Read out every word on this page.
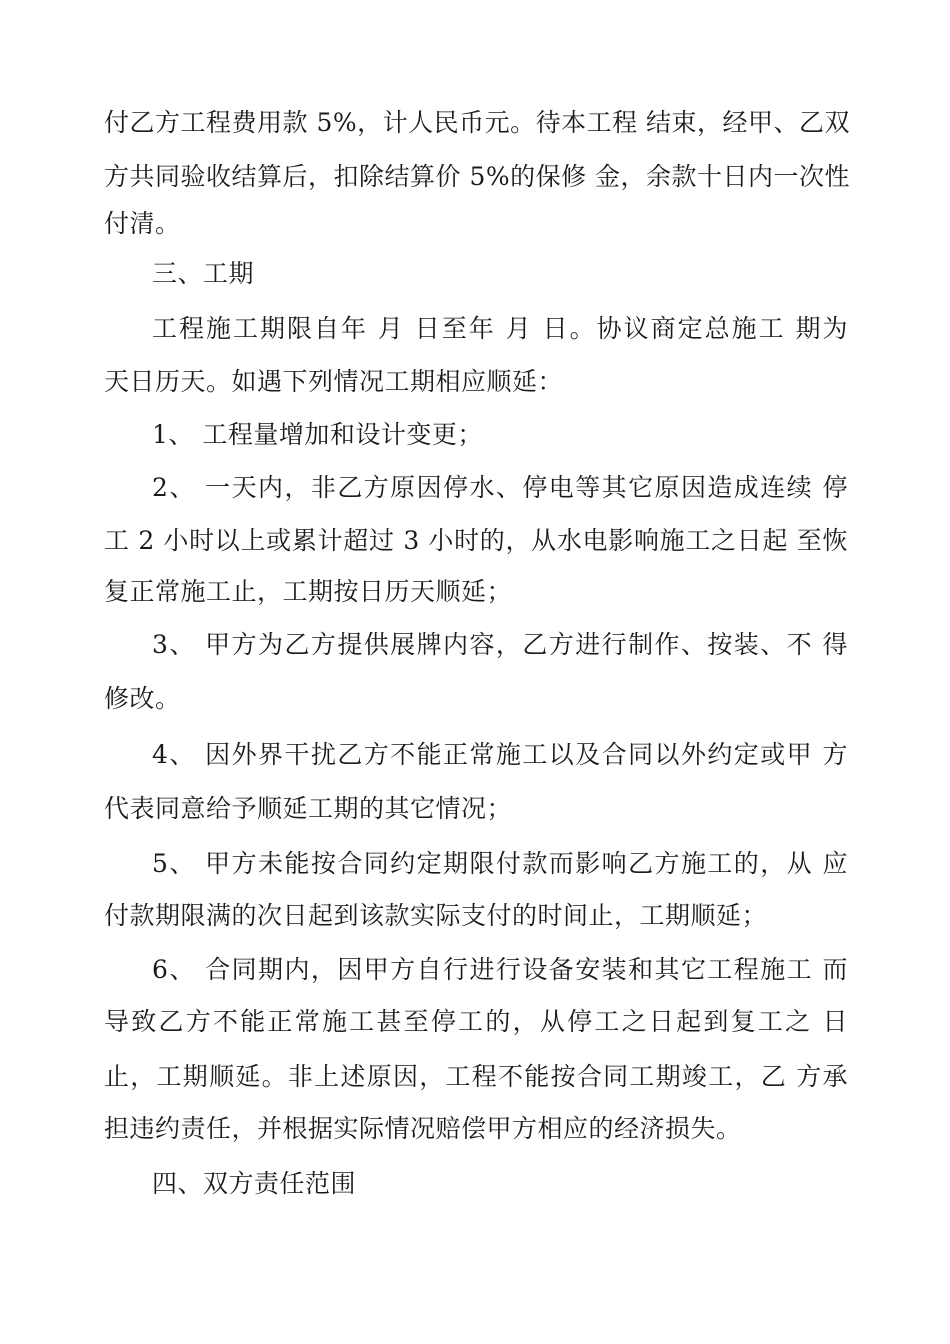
付乙方工程费用款 5%，计人民币元。待本工程 结束，经甲、乙双
方共同验收结算后，扣除结算价 5%的保修 金，余款十日内一次性
付清。
三、工期
工程施工期限自年 月 日至年 月 日。协议商定总施工 期为
天日历天。如遇下列情况工期相应顺延：
1、 工程量增加和设计变更；
2、 一天内，非乙方原因停水、停电等其它原因造成连续 停
工 2 小时以上或累计超过 3 小时的，从水电影响施工之日起 至恢
复正常施工止，工期按日历天顺延；
3、 甲方为乙方提供展牌内容，乙方进行制作、按装、不 得
修改。
4、 因外界干扰乙方不能正常施工以及合同以外约定或甲 方
代表同意给予顺延工期的其它情况；
5、 甲方未能按合同约定期限付款而影响乙方施工的，从 应
付款期限满的次日起到该款实际支付的时间止，工期顺延；
6、 合同期内，因甲方自行进行设备安装和其它工程施工 而
导致乙方不能正常施工甚至停工的，从停工之日起到复工之 日
止，工期顺延。非上述原因，工程不能按合同工期竣工，乙 方承
担违约责任，并根据实际情况赔偿甲方相应的经济损失。
四、双方责任范围
